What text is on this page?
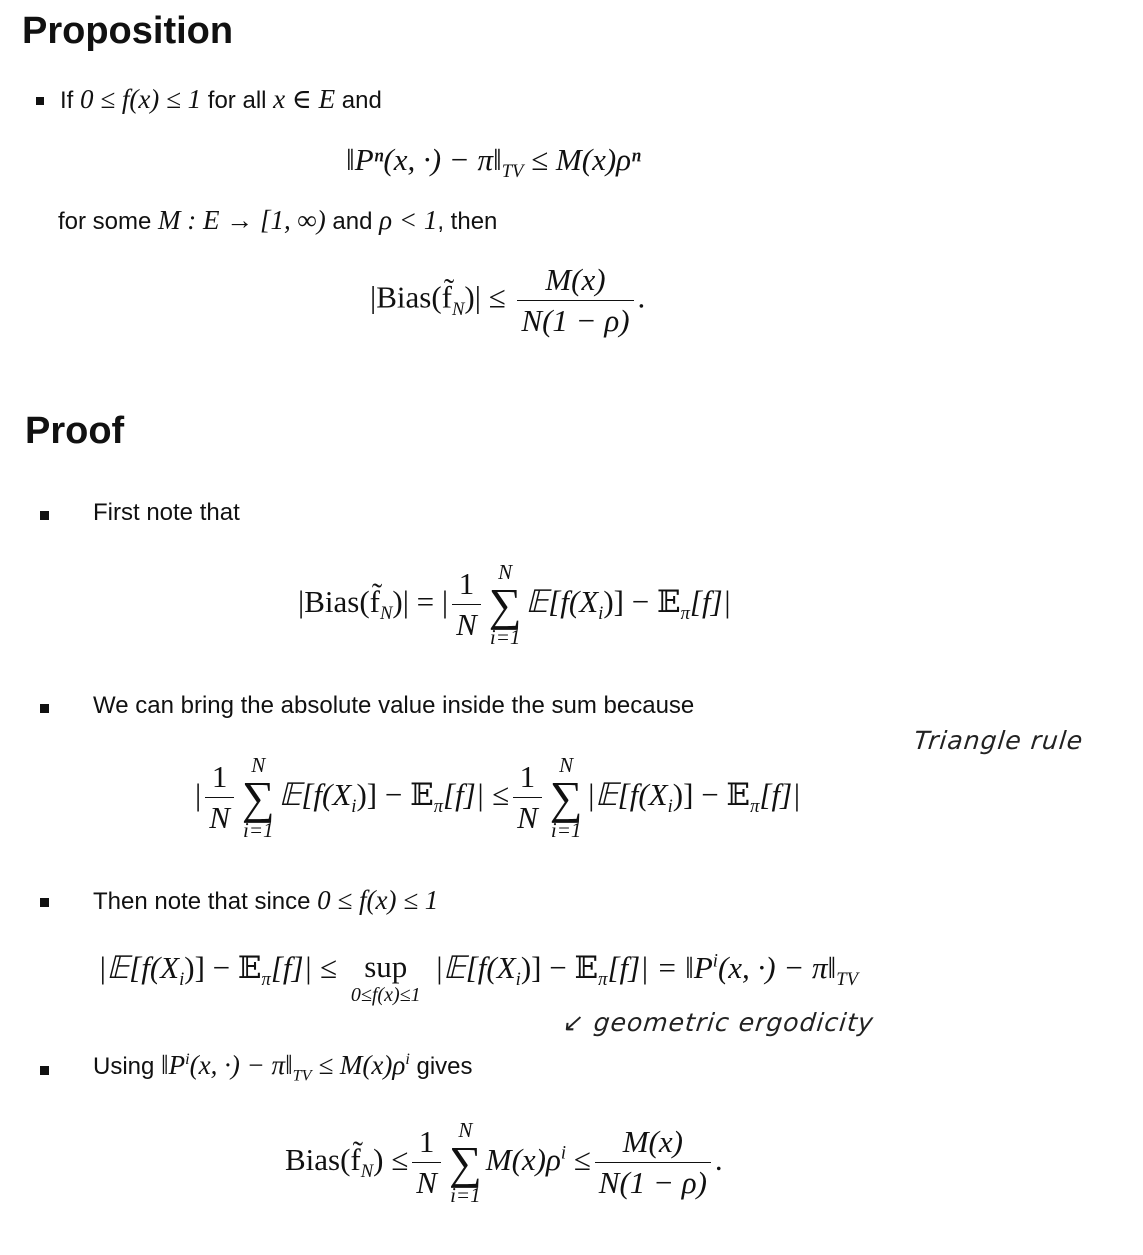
Proposition
If 0 ≤ f(x) ≤ 1 for all x ∈ E and
‖Pⁿ(x, ·) − $\pi‖_{TV} \le M(x)\rho^n$
for some M : E → [1, ∞) and ρ < 1, then
$|Bias(f̃_N)| \le \frac{M(x)}{N(1 - \rho)}$ .
Proof
First note that
$|Bias(f̃_N)|$ = | $\frac{1}{N}$ N
∑
i=1
$𝔼[f(X_i)]$ − 𝔼$_\pi$[f]|
We can bring the absolute value inside the sum because
| $\frac{1}{N}$ N
∑
i=1
$𝔼[f(X_i)]$ − 𝔼$_\pi$[f]| ≤ $\frac{1}{N}$ N
∑
i=1
$|𝔼[f(X_i)]$ − 𝔼$_\pi$[f]|
Triangle rule
Then note that since 0 ≤ f(x) ≤ 1
$|𝔼[f(X_i)]$ − 𝔼$_\pi$[f]| ≤ sup
0≤f(x)≤1
$|𝔼[f(X_i)]$ − 𝔼$_\pi$[f]| = $‖P^i(x$, ·) − $\pi‖_{TV}$
↙ geometric ergodicity
Using $‖P^i(x$, ·) − $\pi‖_{TV} \le M(x)\rho^i$ gives
$Bias(f̃_N) \le \frac{1}{N}$ N
∑
i=1
$M(x)\rho^i \le \frac{M(x)}{N(1 - \rho)}$ .
